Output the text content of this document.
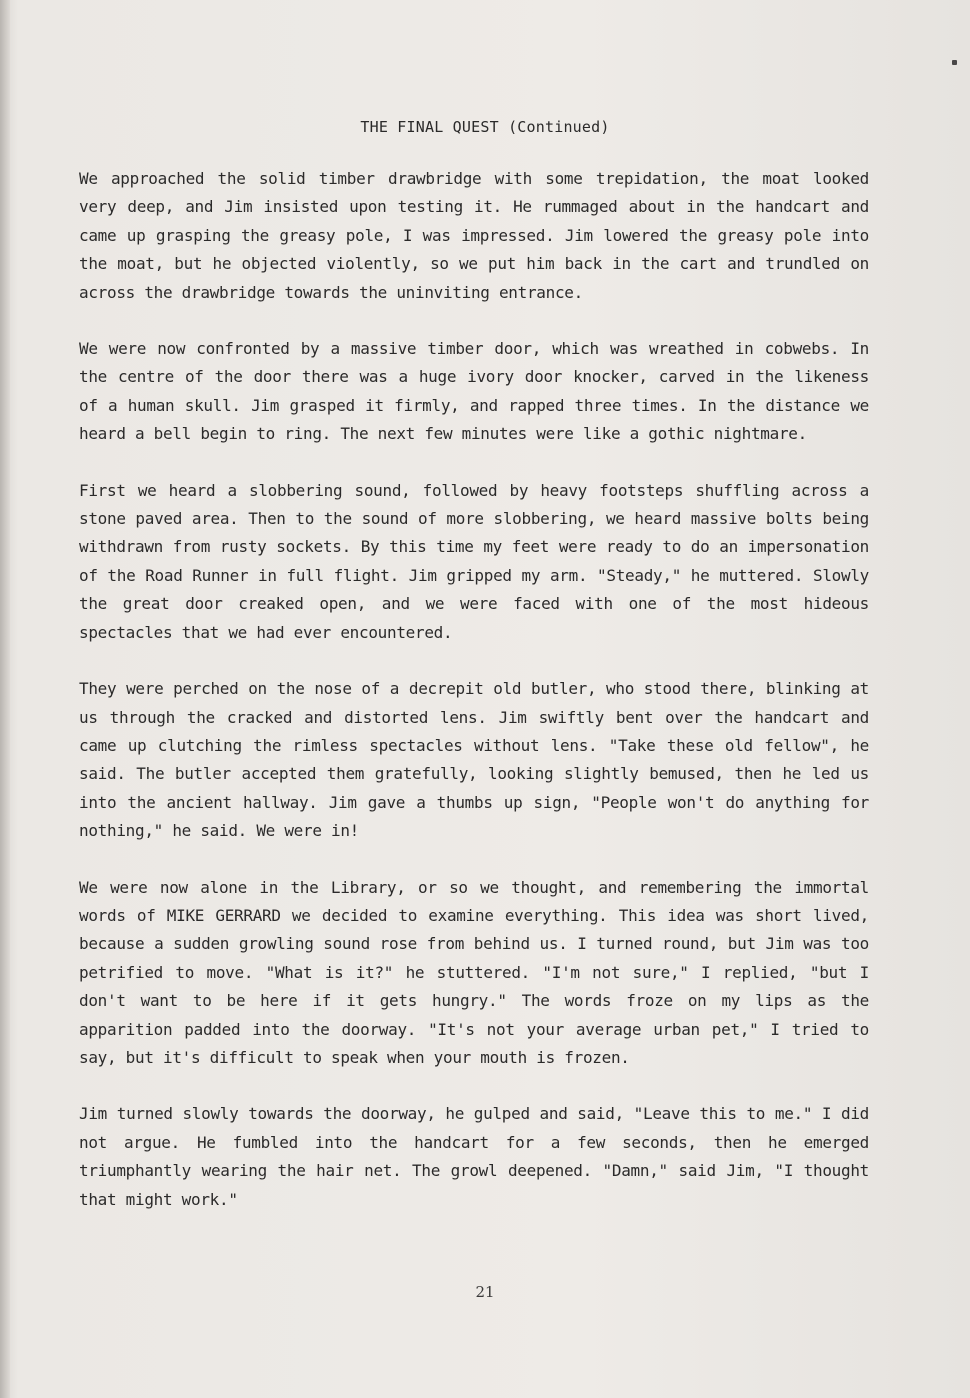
THE FINAL QUEST (Continued)

We approached the solid timber drawbridge with some trepidation, the moat looked very deep, and Jim insisted upon testing it. He rummaged about in the handcart and came up grasping the greasy pole, I was impressed. Jim lowered the greasy pole into the moat, but he objected violently, so we put him back in the cart and trundled on across the drawbridge towards the uninviting entrance.

We were now confronted by a massive timber door, which was wreathed in cobwebs. In the centre of the door there was a huge ivory door knocker, carved in the likeness of a human skull. Jim grasped it firmly, and rapped three times. In the distance we heard a bell begin to ring. The next few minutes were like a gothic nightmare.

First we heard a slobbering sound, followed by heavy footsteps shuffling across a stone paved area. Then to the sound of more slobbering, we heard massive bolts being withdrawn from rusty sockets. By this time my feet were ready to do an impersonation of the Road Runner in full flight. Jim gripped my arm. "Steady," he muttered. Slowly the great door creaked open, and we were faced with one of the most hideous spectacles that we had ever encountered.

They were perched on the nose of a decrepit old butler, who stood there, blinking at us through the cracked and distorted lens. Jim swiftly bent over the handcart and came up clutching the rimless spectacles without lens. "Take these old fellow", he said. The butler accepted them gratefully, looking slightly bemused, then he led us into the ancient hallway. Jim gave a thumbs up sign, "People won't do anything for nothing," he said. We were in!

We were now alone in the Library, or so we thought, and remembering the immortal words of MIKE GERRARD we decided to examine everything. This idea was short lived, because a sudden growling sound rose from behind us. I turned round, but Jim was too petrified to move. "What is it?" he stuttered. "I'm not sure," I replied, "but I don't want to be here if it gets hungry." The words froze on my lips as the apparition padded into the doorway. "It's not your average urban pet," I tried to say, but it's difficult to speak when your mouth is frozen.

Jim turned slowly towards the doorway, he gulped and said, "Leave this to me." I did not argue. He fumbled into the handcart for a few seconds, then he emerged triumphantly wearing the hair net. The growl deepened. "Damn," said Jim, "I thought that might work."

21
